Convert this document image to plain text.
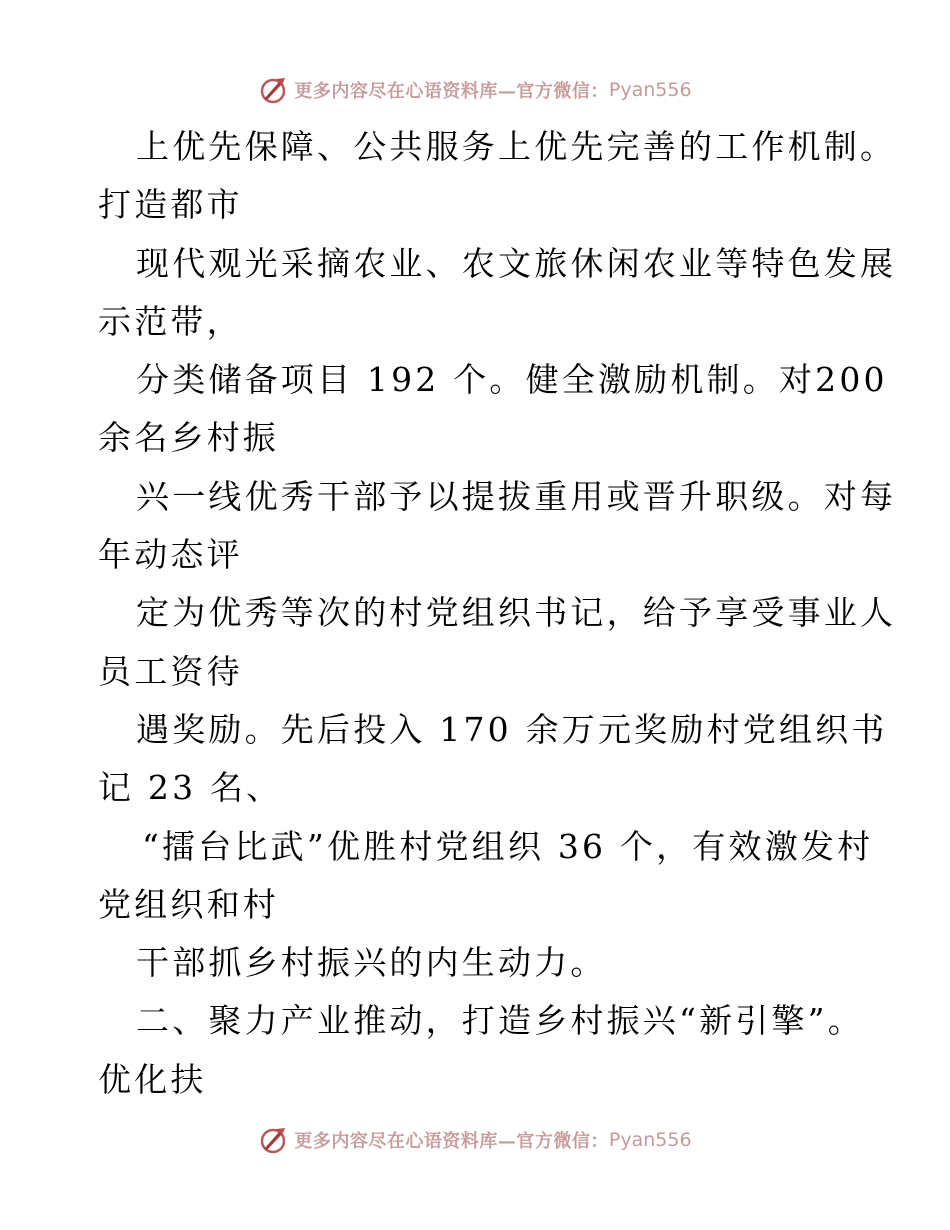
更多内容尽在心语资料库—官方微信： Pyan556
上优先保障、公共服务上优先完善的工作机制。
打造都市
现代观光采摘农业、农文旅休闲农业等特色发展
示范带，
分类储备项目 192 个。健全激励机制。对200
余名乡村振
兴一线优秀干部予以提拔重用或晋升职级。对每
年动态评
定为优秀等次的村党组织书记，给予享受事业人
员工资待
遇奖励。先后投入 170 余万元奖励村党组织书
记 23 名、
“擂台比武”优胜村党组织 36 个，有效激发村
党组织和村
干部抓乡村振兴的内生动力。
二、聚力产业推动，打造乡村振兴“新引擎”。
优化扶
更多内容尽在心语资料库—官方微信： Pyan556
